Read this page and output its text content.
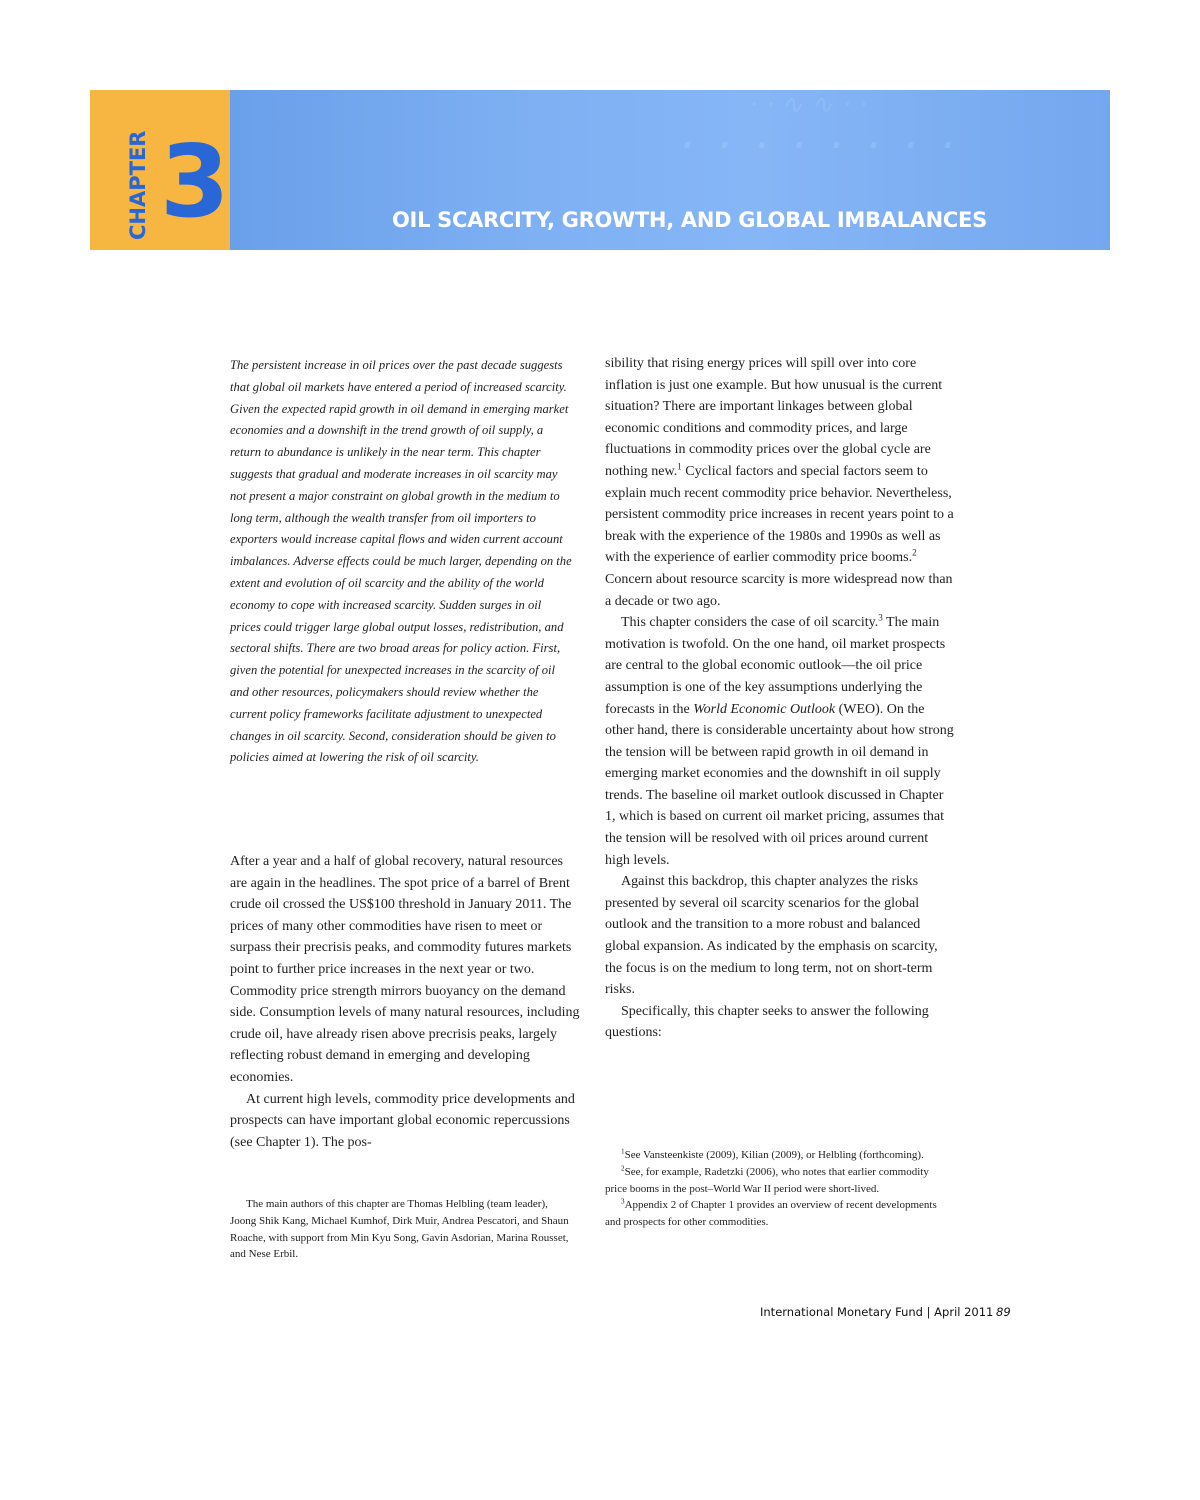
CHAPTER 3
· · ∿ ∿ · ·
· · · · · · · ·
OIL SCARCITY, GROWTH, AND GLOBAL IMBALANCES
The persistent increase in oil prices over the past decade suggests that global oil markets have entered a period of increased scarcity. Given the expected rapid growth in oil demand in emerging market economies and a downshift in the trend growth of oil supply, a return to abundance is unlikely in the near term. This chapter suggests that gradual and moderate increases in oil scarcity may not present a major constraint on global growth in the medium to long term, although the wealth transfer from oil importers to exporters would increase capital flows and widen current account imbalances. Adverse effects could be much larger, depending on the extent and evolution of oil scarcity and the ability of the world economy to cope with increased scarcity. Sudden surges in oil prices could trigger large global output losses, redistribution, and sectoral shifts. There are two broad areas for policy action. First, given the potential for unexpected increases in the scarcity of oil and other resources, policymakers should review whether the current policy frameworks facilitate adjustment to unexpected changes in oil scarcity. Second, consideration should be given to policies aimed at lowering the risk of oil scarcity.

After a year and a half of global recovery, natural resources are again in the headlines. The spot price of a barrel of Brent crude oil crossed the US$100 threshold in January 2011. The prices of many other commodities have risen to meet or surpass their precrisis peaks, and commodity futures markets point to further price increases in the next year or two. Commodity price strength mirrors buoyancy on the demand side. Consumption levels of many natural resources, including crude oil, have already risen above precrisis peaks, largely reflecting robust demand in emerging and developing economies.

At current high levels, commodity price developments and prospects can have important global economic repercussions (see Chapter 1). The pos-

The main authors of this chapter are Thomas Helbling (team leader), Joong Shik Kang, Michael Kumhof, Dirk Muir, Andrea Pescatori, and Shaun Roache, with support from Min Kyu Song, Gavin Asdorian, Marina Rousset, and Nese Erbil.

sibility that rising energy prices will spill over into core inflation is just one example. But how unusual is the current situation? There are important linkages between global economic conditions and commodity prices, and large fluctuations in commodity prices over the global cycle are nothing new.$^1$ Cyclical factors and special factors seem to explain much recent commodity price behavior. Nevertheless, persistent commodity price increases in recent years point to a break with the experience of the 1980s and 1990s as well as with the experience of earlier commodity price booms.$^2$ Concern about resource scarcity is more widespread now than a decade or two ago.

This chapter considers the case of oil scarcity.$^3$ The main motivation is twofold. On the one hand, oil market prospects are central to the global economic outlook—the oil price assumption is one of the key assumptions underlying the forecasts in the World Economic Outlook (WEO). On the other hand, there is considerable uncertainty about how strong the tension will be between rapid growth in oil demand in emerging market economies and the downshift in oil supply trends. The baseline oil market outlook discussed in Chapter 1, which is based on current oil market pricing, assumes that the tension will be resolved with oil prices around current high levels.

Against this backdrop, this chapter analyzes the risks presented by several oil scarcity scenarios for the global outlook and the transition to a more robust and balanced global expansion. As indicated by the emphasis on scarcity, the focus is on the medium to long term, not on short-term risks.

Specifically, this chapter seeks to answer the following questions:

$^1$See Vansteenkiste (2009), Kilian (2009), or Helbling (forthcoming).

$^2$See, for example, Radetzki (2006), who notes that earlier commodity price booms in the post–World War II period were short-lived.

$^3$Appendix 2 of Chapter 1 provides an overview of recent developments and prospects for other commodities.

International Monetary Fund | April 2011 89
